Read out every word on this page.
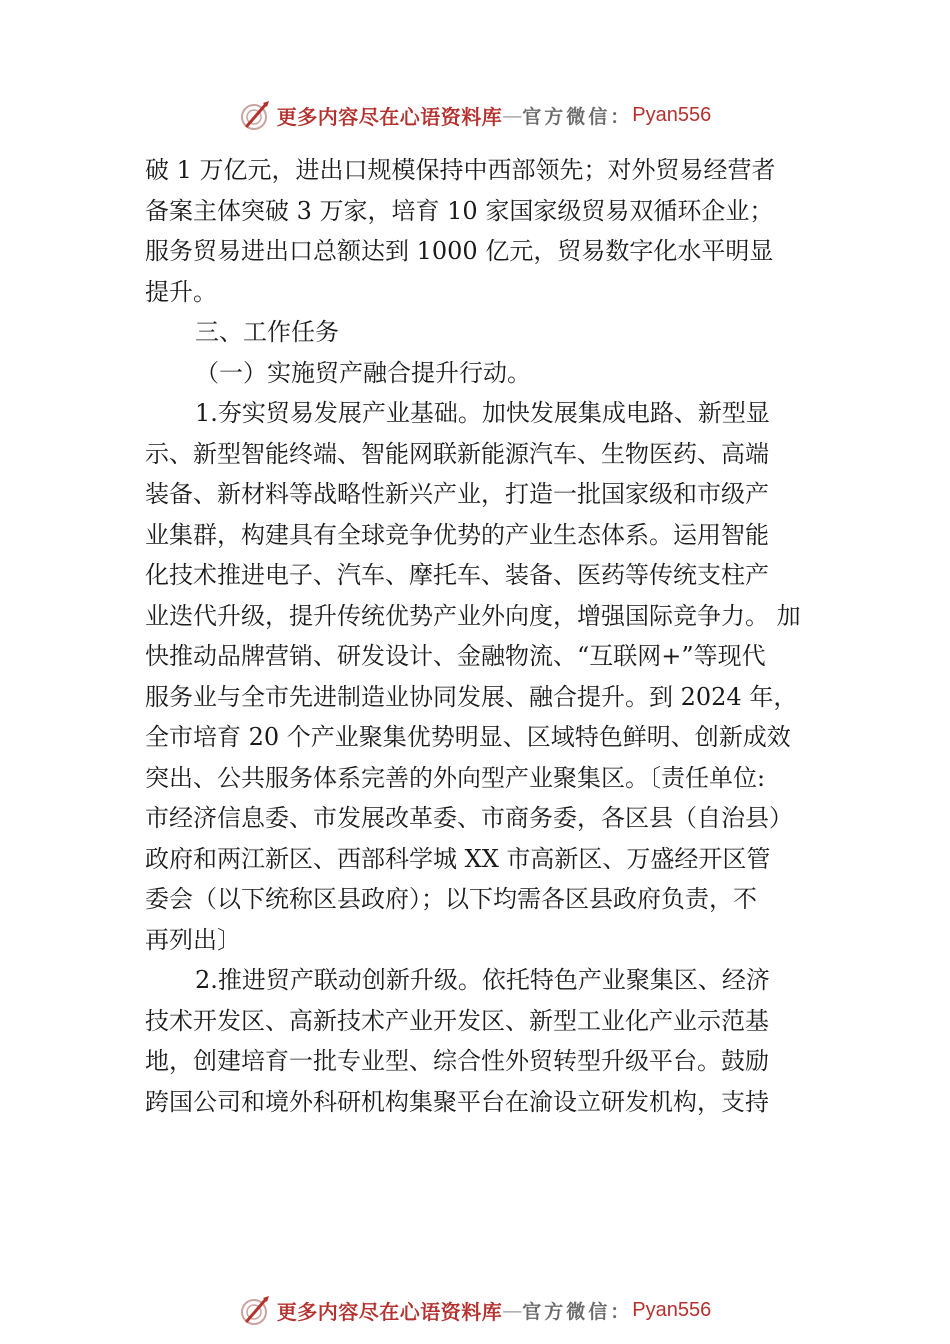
更多内容尽在心语资料库 — 官方微信： Pyan556

破 1 万亿元，进出口规模保持中西部领先；对外贸易经营者

备案主体突破 3 万家，培育 10 家国家级贸易双循环企业；

服务贸易进出口总额达到 1000 亿元，贸易数字化水平明显

提升。

三、工作任务

（一）实施贸产融合提升行动。

1.夯实贸易发展产业基础。加快发展集成电路、新型显

示、新型智能终端、智能网联新能源汽车、生物医药、高端

装备、新材料等战略性新兴产业，打造一批国家级和市级产

业集群，构建具有全球竞争优势的产业生态体系。运用智能

化技术推进电子、汽车、摩托车、装备、医药等传统支柱产

业迭代升级，提升传统优势产业外向度，增强国际竞争力。 加

快推动品牌营销、研发设计、金融物流、“互联网+”等现代

服务业与全市先进制造业协同发展、融合提升。到 2024 年，

全市培育 20 个产业聚集优势明显、区域特色鲜明、创新成效

突出、公共服务体系完善的外向型产业聚集区。〔责任单位:

市经济信息委、市发展改革委、市商务委，各区县（自治县）

政府和两江新区、西部科学城 XX 市高新区、万盛经开区管

委会（以下统称区县政府）；以下均需各区县政府负责，不

再列出〕

2.推进贸产联动创新升级。依托特色产业聚集区、经济

技术开发区、高新技术产业开发区、新型工业化产业示范基

地，创建培育一批专业型、综合性外贸转型升级平台。鼓励

跨国公司和境外科研机构集聚平台在渝设立研发机构，支持

更多内容尽在心语资料库 — 官方微信： Pyan556
